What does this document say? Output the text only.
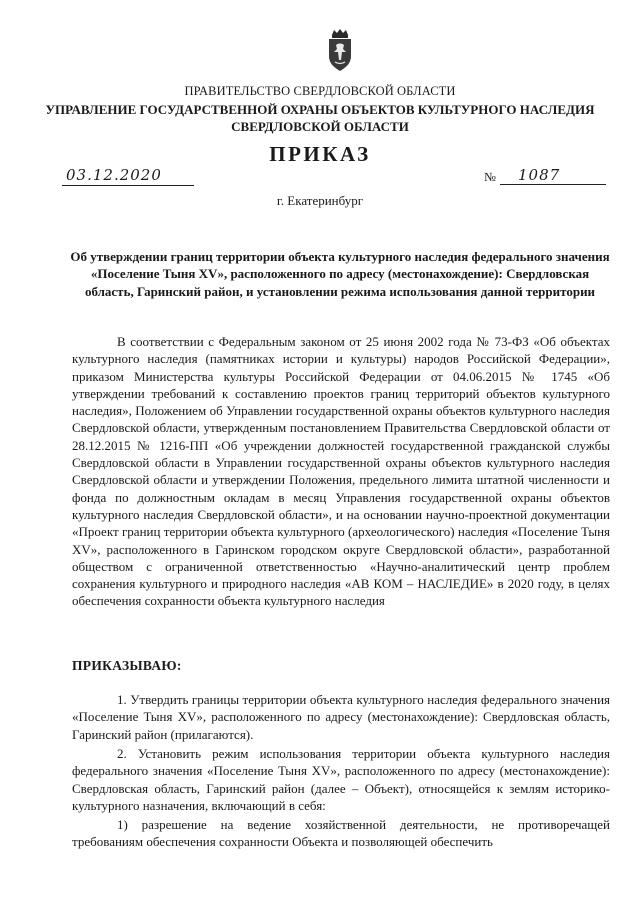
ПРАВИТЕЛЬСТВО СВЕРДЛОВСКОЙ ОБЛАСТИ
УПРАВЛЕНИЕ ГОСУДАРСТВЕННОЙ ОХРАНЫ ОБЪЕКТОВ КУЛЬТУРНОГО НАСЛЕДИЯ СВЕРДЛОВСКОЙ ОБЛАСТИ
ПРИКАЗ
03.12.2020	№ 1087
г. Екатеринбург
Об утверждении границ территории объекта культурного наследия федерального значения «Поселение Тыня XV», расположенного по адресу (местонахождение): Свердловская область, Гаринский район, и установлении режима использования данной территории
В соответствии с Федеральным законом от 25 июня 2002 года № 73-ФЗ «Об объектах культурного наследия (памятниках истории и культуры) народов Российской Федерации», приказом Министерства культуры Российской Федерации от 04.06.2015 № 1745 «Об утверждении требований к составлению проектов границ территорий объектов культурного наследия», Положением об Управлении государственной охраны объектов культурного наследия Свердловской области, утвержденным постановлением Правительства Свердловской области от 28.12.2015 № 1216-ПП «Об учреждении должностей государственной гражданской службы Свердловской области в Управлении государственной охраны объектов культурного наследия Свердловской области и утверждении Положения, предельного лимита штатной численности и фонда по должностным окладам в месяц Управления государственной охраны объектов культурного наследия Свердловской области», и на основании научно-проектной документации «Проект границ территории объекта культурного (археологического) наследия «Поселение Тыня XV», расположенного в Гаринском городском округе Свердловской области», разработанной обществом с ограниченной ответственностью «Научно-аналитический центр проблем сохранения культурного и природного наследия «АВ КОМ – НАСЛЕДИЕ» в 2020 году, в целях обеспечения сохранности объекта культурного наследия
ПРИКАЗЫВАЮ:
1. Утвердить границы территории объекта культурного наследия федерального значения «Поселение Тыня XV», расположенного по адресу (местонахождение): Свердловская область, Гаринский район (прилагаются).
2. Установить режим использования территории объекта культурного наследия федерального значения «Поселение Тыня XV», расположенного по адресу (местонахождение): Свердловская область, Гаринский район (далее – Объект), относящейся к землям историко-культурного назначения, включающий в себя:
1) разрешение на ведение хозяйственной деятельности, не противоречащей требованиям обеспечения сохранности Объекта и позволяющей обеспечить
